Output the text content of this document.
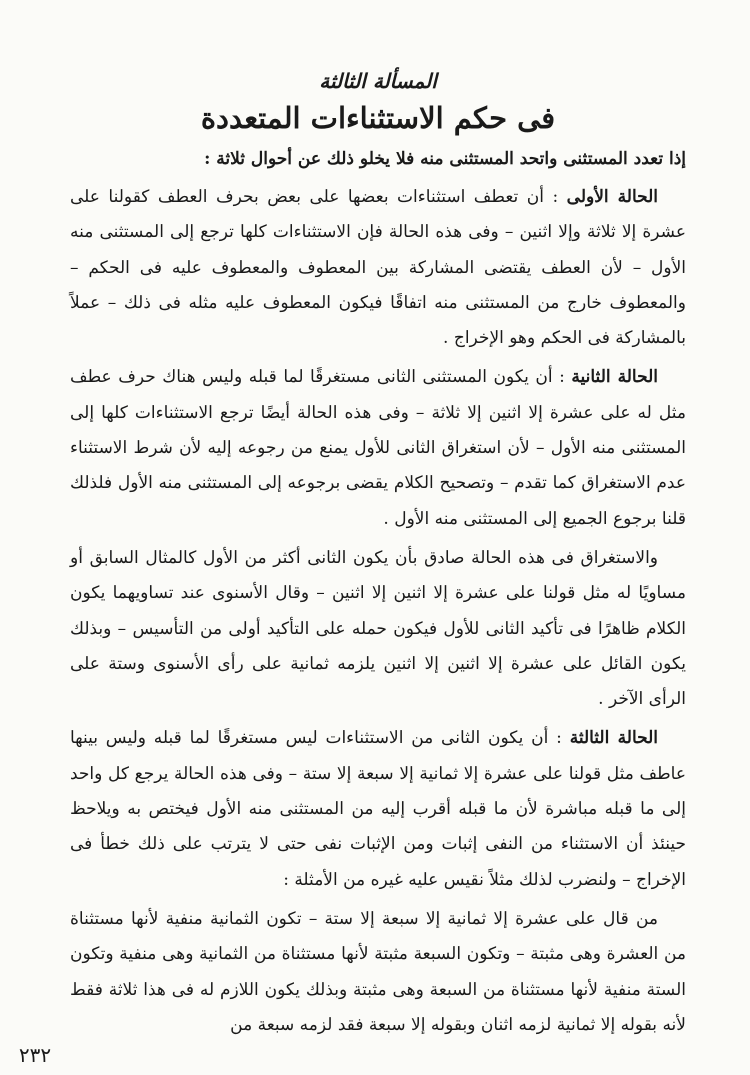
المسألة الثالثة
فى حكم الاستثناءات المتعددة

إذا تعدد المستثنى واتحد المستثنى منه فلا يخلو ذلك عن أحوال ثلاثة :

الحالة الأولى : أن تعطف استثناءات بعضها على بعض بحرف العطف كقولنا على عشرة إلا ثلاثة وإلا اثنين – وفى هذه الحالة فإن الاستثناءات كلها ترجع إلى المستثنى منه الأول – لأن العطف يقتضى المشاركة بين المعطوف والمعطوف عليه فى الحكم – والمعطوف خارج من المستثنى منه اتفاقًا فيكون المعطوف عليه مثله فى ذلك – عملاً بالمشاركة فى الحكم وهو الإخراج .

الحالة الثانية : أن يكون المستثنى الثانى مستغرقًا لما قبله وليس هناك حرف عطف مثل له على عشرة إلا اثنين إلا ثلاثة – وفى هذه الحالة أيضًا ترجع الاستثناءات كلها إلى المستثنى منه الأول – لأن استغراق الثانى للأول يمنع من رجوعه إليه لأن شرط الاستثناء عدم الاستغراق كما تقدم – وتصحيح الكلام يقضى برجوعه إلى المستثنى منه الأول فلذلك قلنا برجوع الجميع إلى المستثنى منه الأول .

والاستغراق فى هذه الحالة صادق بأن يكون الثانى أكثر من الأول كالمثال السابق أو مساويًا له مثل قولنا على عشرة إلا اثنين إلا اثنين – وقال الأسنوى عند تساويهما يكون الكلام ظاهرًا فى تأكيد الثانى للأول فيكون حمله على التأكيد أولى من التأسيس – وبذلك يكون القائل على عشرة إلا اثنين إلا اثنين يلزمه ثمانية على رأى الأسنوى وستة على الرأى الآخر .

الحالة الثالثة : أن يكون الثانى من الاستثناءات ليس مستغرقًا لما قبله وليس بينها عاطف مثل قولنا على عشرة إلا ثمانية إلا سبعة إلا ستة – وفى هذه الحالة يرجع كل واحد إلى ما قبله مباشرة لأن ما قبله أقرب إليه من المستثنى منه الأول فيختص به ويلاحظ حينئذ أن الاستثناء من النفى إثبات ومن الإثبات نفى حتى لا يترتب على ذلك خطأ فى الإخراج – ولنضرب لذلك مثلاً نقيس عليه غيره من الأمثلة :

من قال على عشرة إلا ثمانية إلا سبعة إلا ستة – تكون الثمانية منفية لأنها مستثناة من العشرة وهى مثبتة – وتكون السبعة مثبتة لأنها مستثناة من الثمانية وهى منفية وتكون الستة منفية لأنها مستثناة من السبعة وهى مثبتة وبذلك يكون اللازم له فى هذا ثلاثة فقط لأنه بقوله إلا ثمانية لزمه اثنان وبقوله إلا سبعة فقد لزمه سبعة من

٢٣٢
